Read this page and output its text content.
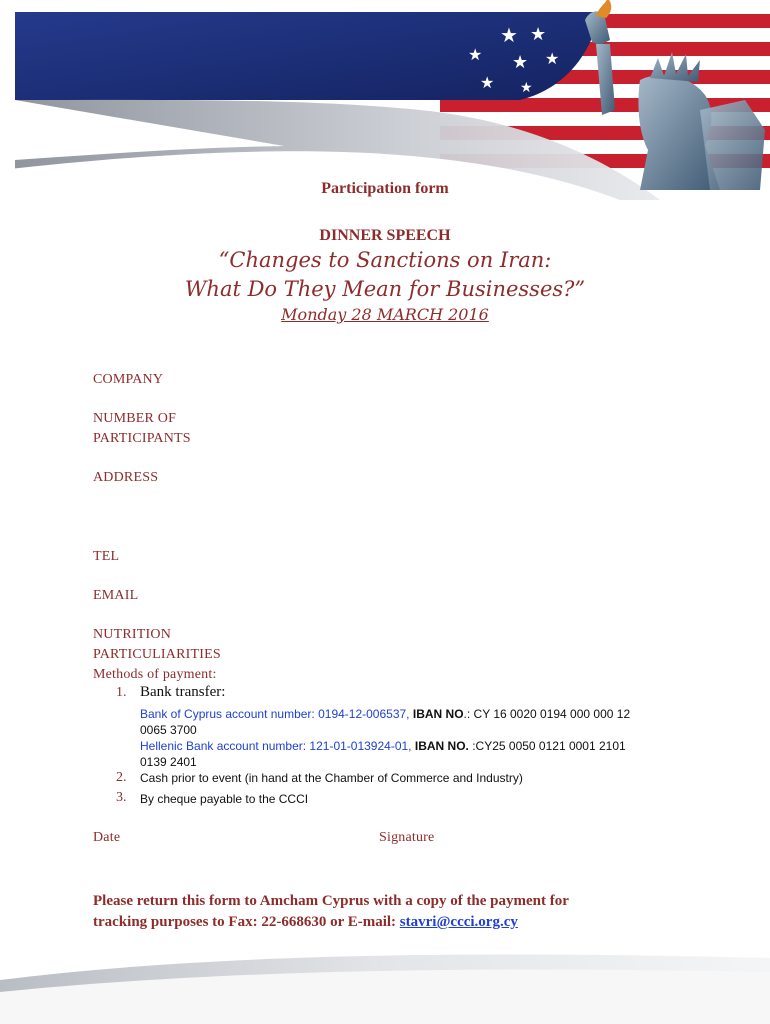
★ ★
★ ★ ★
★ ★
Participation form
DINNER SPEECH
“Changes to Sanctions on Iran:
What Do They Mean for Businesses?”
Monday 28 MARCH 2016
COMPANY
NUMBER OF
PARTICIPANTS
ADDRESS
TEL
EMAIL
NUTRITION
PARTICULIARITIES
Methods of payment:
1. Bank transfer:
Bank of Cyprus account number: 0194-12-006537, IBAN NO.: CY 16 0020 0194 000 000 12
0065 3700
Hellenic Bank account number: 121-01-013924-01, IBAN NO. :CY25 0050 0121 0001 2101
0139 2401
2. Cash prior to event (in hand at the Chamber of Commerce and Industry)
3. By cheque payable to the CCCI
Date	Signature
Please return this form to Amcham Cyprus with a copy of the payment for
tracking purposes to Fax: 22-668630 or E-mail: stavri@ccci.org.cy
